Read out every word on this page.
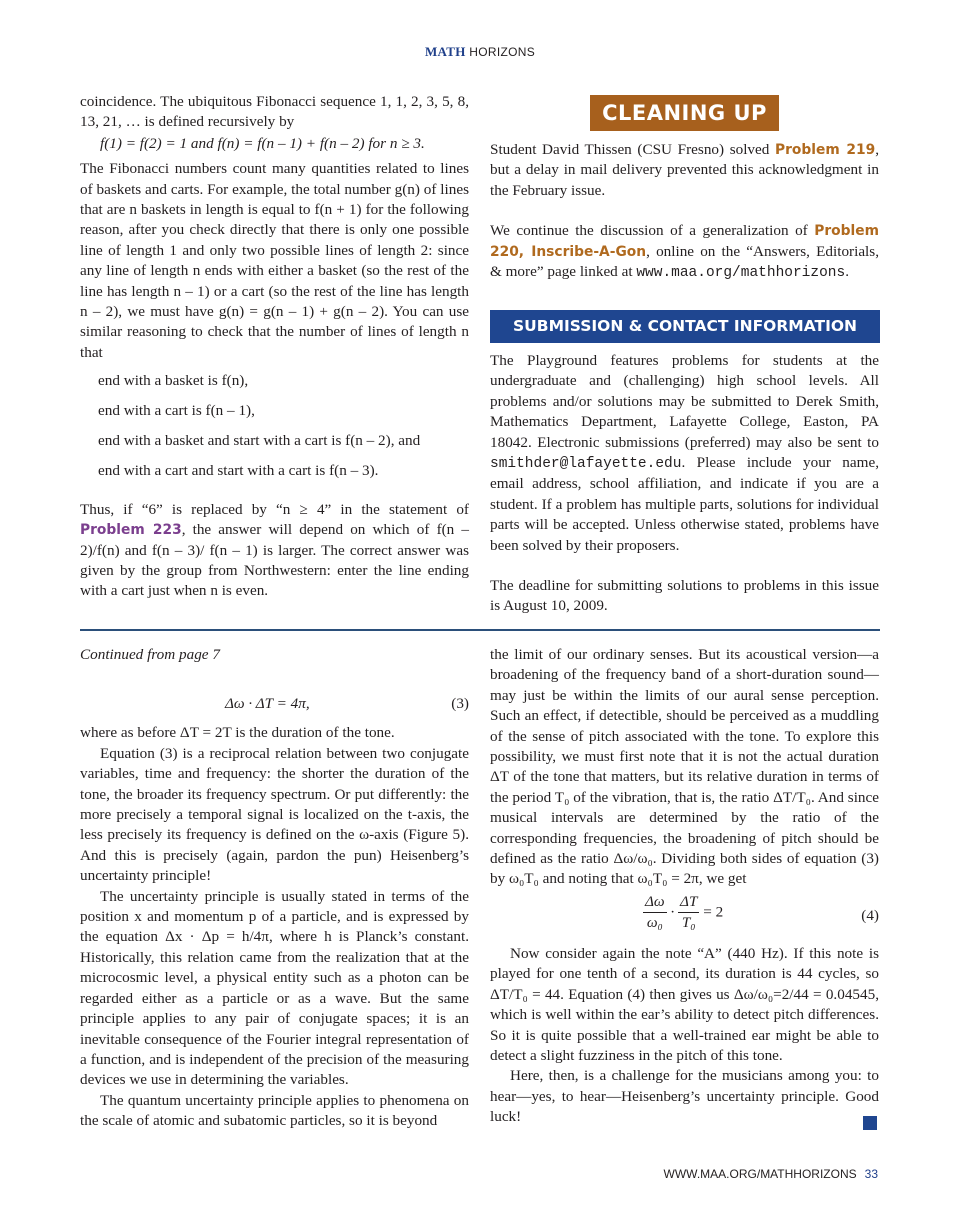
MATH HORIZONS

coincidence. The ubiquitous Fibonacci sequence 1, 1, 2, 3, 5, 8, 13, 21, … is defined recursively by

f(1) = f(2) = 1 and f(n) = f(n – 1) + f(n – 2) for n ≥ 3.

The Fibonacci numbers count many quantities related to lines of baskets and carts. For example, the total number g(n) of lines that are n baskets in length is equal to f(n + 1) for the following reason, after you check directly that there is only one possible line of length 1 and only two possible lines of length 2: since any line of length n ends with either a basket (so the rest of the line has length n – 1) or a cart (so the rest of the line has length n – 2), we must have g(n) = g(n – 1) + g(n – 2). You can use similar reasoning to check that the number of lines of length n that

end with a basket is f(n),
end with a cart is f(n – 1),
end with a basket and start with a cart is f(n – 2), and
end with a cart and start with a cart is f(n – 3).

Thus, if “6” is replaced by “n ≥ 4” in the statement of Problem 223, the answer will depend on which of f(n – 2)/f(n) and f(n – 3)/ f(n – 1) is larger. The correct answer was given by the group from Northwestern: enter the line ending with a cart just when n is even.

CLEANING UP

Student David Thissen (CSU Fresno) solved Problem 219, but a delay in mail delivery prevented this acknowledgment in the February issue.

We continue the discussion of a generalization of Problem 220, Inscribe-A-Gon, online on the “Answers, Editorials, & more” page linked at www.maa.org/mathhorizons.

SUBMISSION & CONTACT INFORMATION

The Playground features problems for students at the undergraduate and (challenging) high school levels. All problems and/or solutions may be submitted to Derek Smith, Mathematics Department, Lafayette College, Easton, PA 18042. Electronic submissions (preferred) may also be sent to smithder@lafayette.edu. Please include your name, email address, school affiliation, and indicate if you are a student. If a problem has multiple parts, solutions for individual parts will be accepted. Unless otherwise stated, problems have been solved by their proposers.

The deadline for submitting solutions to problems in this issue is August 10, 2009.

Continued from page 7

Δω · ΔT = 4π,	(3)

where as before ΔT = 2T is the duration of the tone.

Equation (3) is a reciprocal relation between two conjugate variables, time and frequency: the shorter the duration of the tone, the broader its frequency spectrum. Or put differently: the more precisely a temporal signal is localized on the t-axis, the less precisely its frequency is defined on the ω-axis (Figure 5). And this is precisely (again, pardon the pun) Heisenberg’s uncertainty principle!

The uncertainty principle is usually stated in terms of the position x and momentum p of a particle, and is expressed by the equation Δx · Δp = h/4π, where h is Planck’s constant. Historically, this relation came from the realization that at the microcosmic level, a physical entity such as a photon can be regarded either as a particle or as a wave. But the same principle applies to any pair of conjugate spaces; it is an inevitable consequence of the Fourier integral representation of a function, and is independent of the precision of the measuring devices we use in determining the variables.

The quantum uncertainty principle applies to phenomena on the scale of atomic and subatomic particles, so it is beyond

the limit of our ordinary senses. But its acoustical version—a broadening of the frequency band of a short-duration sound—may just be within the limits of our aural sense perception. Such an effect, if detectible, should be perceived as a muddling of the sense of pitch associated with the tone. To explore this possibility, we must first note that it is not the actual duration ΔT of the tone that matters, but its relative duration in terms of the period T₀ of the vibration, that is, the ratio ΔT/T₀. And since musical intervals are determined by the ratio of the corresponding frequencies, the broadening of pitch should be defined as the ratio Δω/ω₀. Dividing both sides of equation (3) by ω₀T₀ and noting that ω₀T₀ = 2π, we get

$\frac{\Delta\omega}{\text{ω₀}} \cdot \frac{\Delta T}{\text{T₀}} = 2$	(4)

Now consider again the note “A” (440 Hz). If this note is played for one tenth of a second, its duration is 44 cycles, so ΔT/T₀ = 44. Equation (4) then gives us Δω/ω₀=2/44 = 0.04545, which is well within the ear’s ability to detect pitch differences. So it is quite possible that a well-trained ear might be able to detect a slight fuzziness in the pitch of this tone.

Here, then, is a challenge for the musicians among you: to hear—yes, to hear—Heisenberg’s uncertainty principle. Good luck!

WWW.MAA.ORG/MATHHORIZONS 33
